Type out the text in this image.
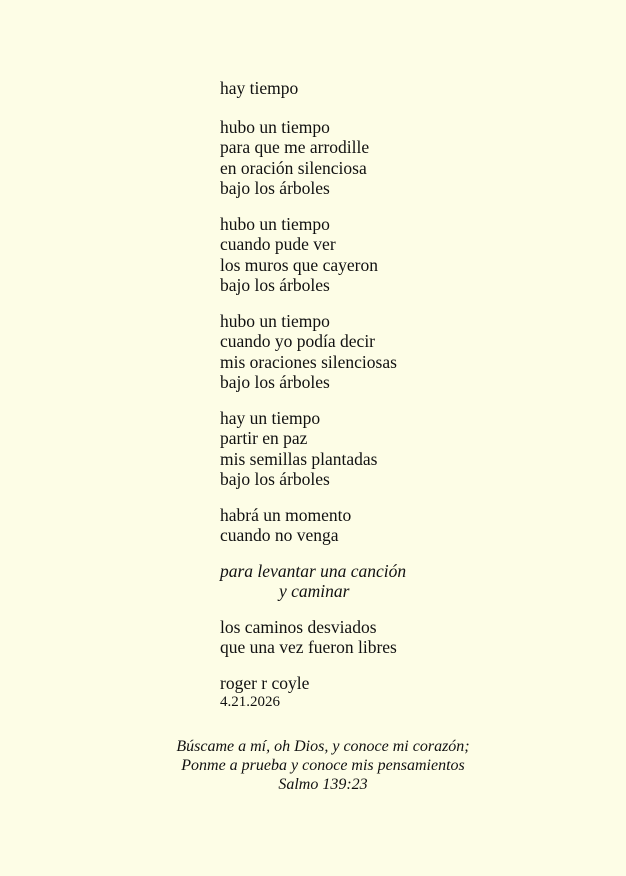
hay tiempo
hubo un tiempo
para que me arrodille
en oración silenciosa
bajo los árboles
hubo un tiempo
cuando pude ver
los muros que cayeron
bajo los árboles
hubo un tiempo
cuando yo podía decir
mis oraciones silenciosas
bajo los árboles
hay un tiempo
partir en paz
mis semillas plantadas
bajo los árboles
habrá un momento
cuando no venga
para levantar una canción
y caminar
los caminos desviados
que una vez fueron libres
roger r coyle
4.21.2026
Búscame a mí, oh Dios, y conoce mi corazón;
Ponme a prueba y conoce mis pensamientos
Salmo 139:23
